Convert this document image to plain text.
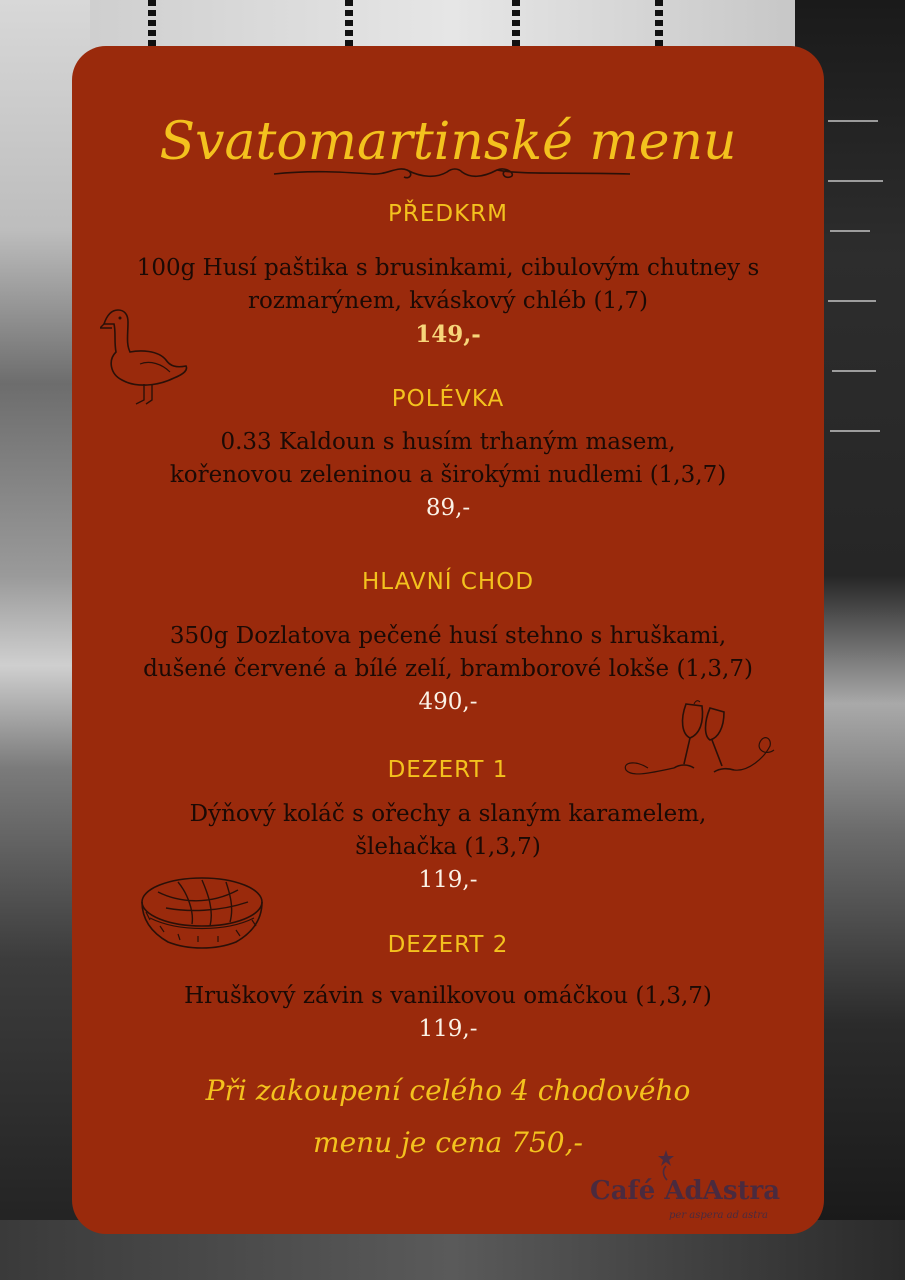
Svatomartinské menu
PŘEDKRM
100g Husí paštika s brusinkami, cibulovým chutney s
rozmarýnem, kváskový chléb (1,7)
149,-
POLÉVKA
0.33 Kaldoun s husím trhaným masem,
kořenovou zeleninou a širokými nudlemi (1,3,7)
89,-
HLAVNÍ CHOD
350g Dozlatova pečené husí stehno s hruškami,
dušené červené a bílé zelí, bramborové lokše (1,3,7)
490,-
DEZERT 1
Dýňový koláč s ořechy a slaným karamelem,
šlehačka (1,3,7)
119,-
DEZERT 2
Hruškový závin s vanilkovou omáčkou (1,3,7)
119,-
Při zakoupení celého 4 chodového
menu je cena 750,-
Café AdAstra
per aspera ad astra
